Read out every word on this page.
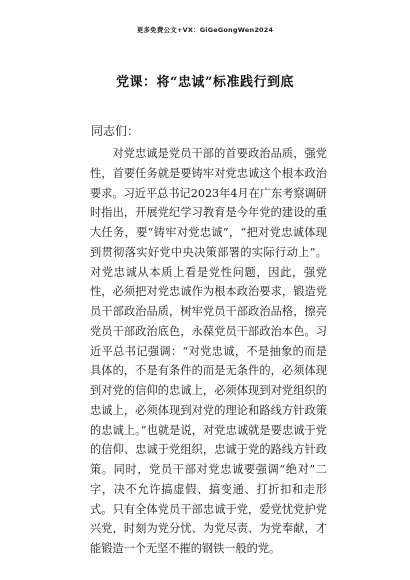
更多免费公文+VX：GiGeGongWen2024
党课：将“忠诚”标准践行到底
同志们：

对党忠诚是党员干部的首要政治品质，强党性，首要任务就是要铸牢对党忠诚这个根本政治要求。习近平总书记2023年4月在广东考察调研时指出，开展党纪学习教育是今年党的建设的重大任务，要“铸牢对党忠诚”，“把对党忠诚体现到贯彻落实好党中央决策部署的实际行动上”。对党忠诚从本质上看是党性问题，因此，强党性，必须把对党忠诚作为根本政治要求，锻造党员干部政治品质，树牢党员干部政治品格，擦亮党员干部政治底色，永葆党员干部政治本色。习近平总书记强调：“对党忠诚，不是抽象的而是具体的，不是有条件的而是无条件的，必须体现到对党的信仰的忠诚上，必须体现到对党组织的忠诚上，必须体现到对党的理论和路线方针政策的忠诚上。”也就是说，对党忠诚就是要忠诚于党的信仰、忠诚于党组织，忠诚于党的路线方针政策。同时，党员干部对党忠诚要强调“绝对”二字，决不允许搞虚假、搞变通、打折扣和走形式。只有全体党员干部忠诚于党，爱党忧党护党兴党，时刻为党分忧、为党尽责、为党奉献，才能锻造一个无坚不摧的钢铁一般的党。
